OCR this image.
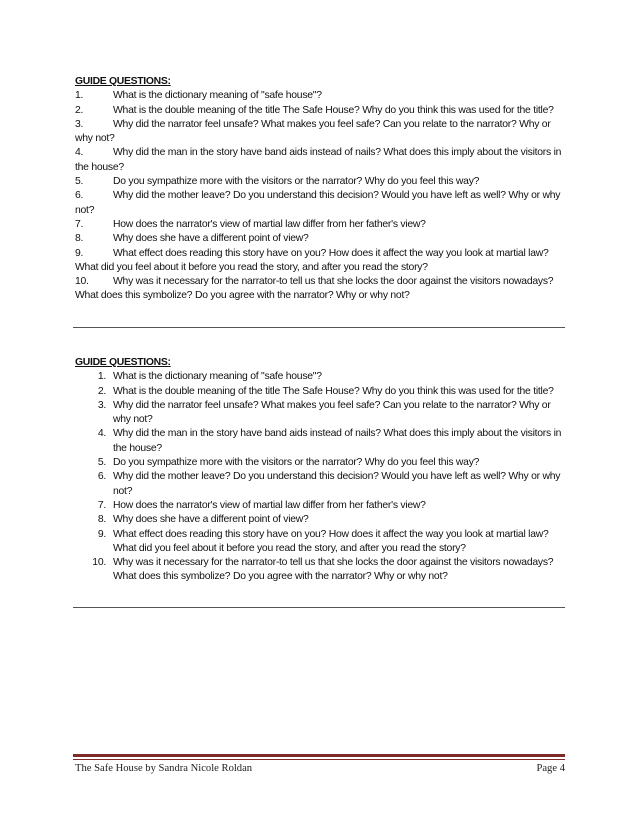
GUIDE QUESTIONS:
1.	What is the dictionary meaning of "safe house"?
2.	What is the double meaning of the title The Safe House? Why do you think this was used for the title?
3.	Why did the narrator feel unsafe? What makes you feel safe? Can you relate to the narrator? Why or why not?
4.	Why did the man in the story have band aids instead of nails? What does this imply about the visitors in the house?
5.	Do you sympathize more with the visitors or the narrator? Why do you feel this way?
6.	Why did the mother leave? Do you understand this decision? Would you have left as well? Why or why not?
7.	How does the narrator's view of martial law differ from her father's view?
8.	Why does she have a different point of view?
9.	What effect does reading this story have on you? How does it affect the way you look at martial law? What did you feel about it before you read the story, and after you read the story?
10. Why was it necessary for the narrator-to tell us that she locks the door against the visitors nowadays? What does this symbolize? Do you agree with the narrator? Why or why not?
GUIDE QUESTIONS:
1. What is the dictionary meaning of "safe house"?
2. What is the double meaning of the title The Safe House? Why do you think this was used for the title?
3. Why did the narrator feel unsafe? What makes you feel safe? Can you relate to the narrator? Why or why not?
4. Why did the man in the story have band aids instead of nails? What does this imply about the visitors in the house?
5. Do you sympathize more with the visitors or the narrator? Why do you feel this way?
6. Why did the mother leave? Do you understand this decision? Would you have left as well? Why or why not?
7. How does the narrator's view of martial law differ from her father's view?
8. Why does she have a different point of view?
9. What effect does reading this story have on you? How does it affect the way you look at martial law? What did you feel about it before you read the story, and after you read the story?
10. Why was it necessary for the narrator-to tell us that she locks the door against the visitors nowadays? What does this symbolize? Do you agree with the narrator? Why or why not?
The Safe House by Sandra Nicole Roldan	Page 4
